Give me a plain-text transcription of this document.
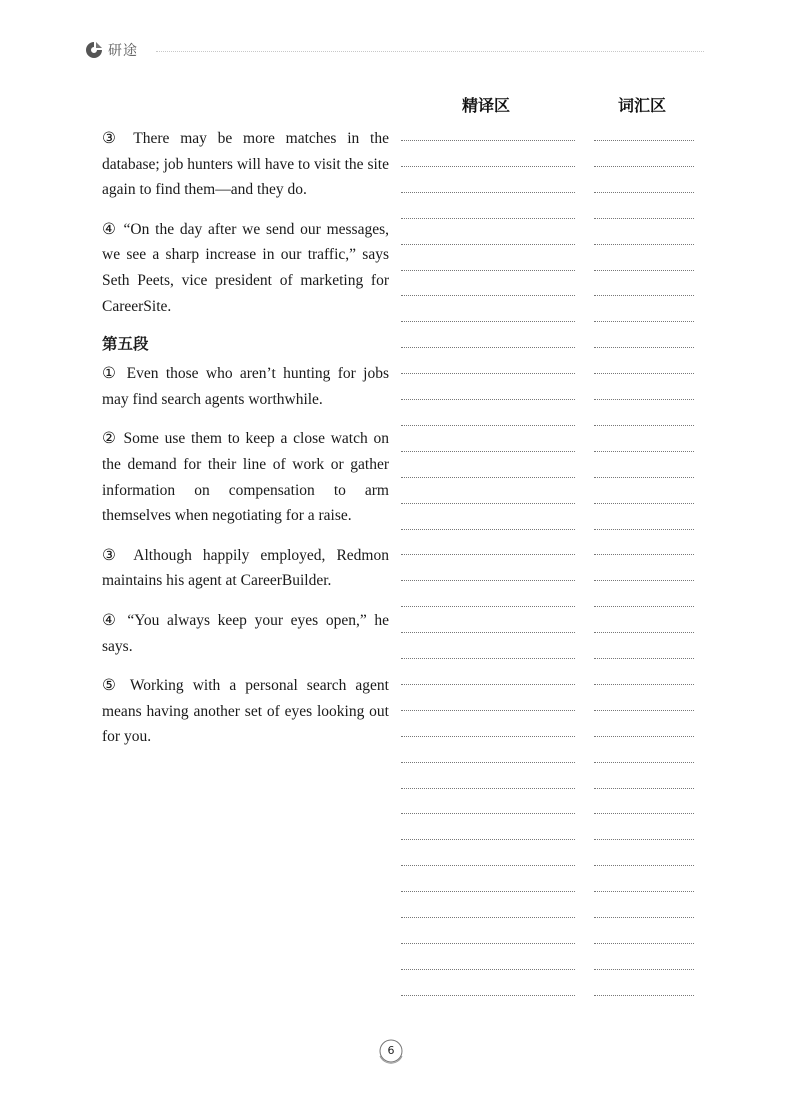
研途
精译区	词汇区

③ There may be more matches in the database; job hunters will have to visit the site again to find them—and they do.

④ “On the day after we send our messages, we see a sharp increase in our traffic,” says Seth Peets, vice president of marketing for CareerSite.

第五段

① Even those who aren’t hunting for jobs may find search agents worthwhile.

② Some use them to keep a close watch on the demand for their line of work or gather information on compensation to arm themselves when negotiating for a raise.

③ Although happily employed, Redmon maintains his agent at CareerBuilder.

④ “You always keep your eyes open,” he says.

⑤ Working with a personal search agent means having another set of eyes looking out for you.

6
